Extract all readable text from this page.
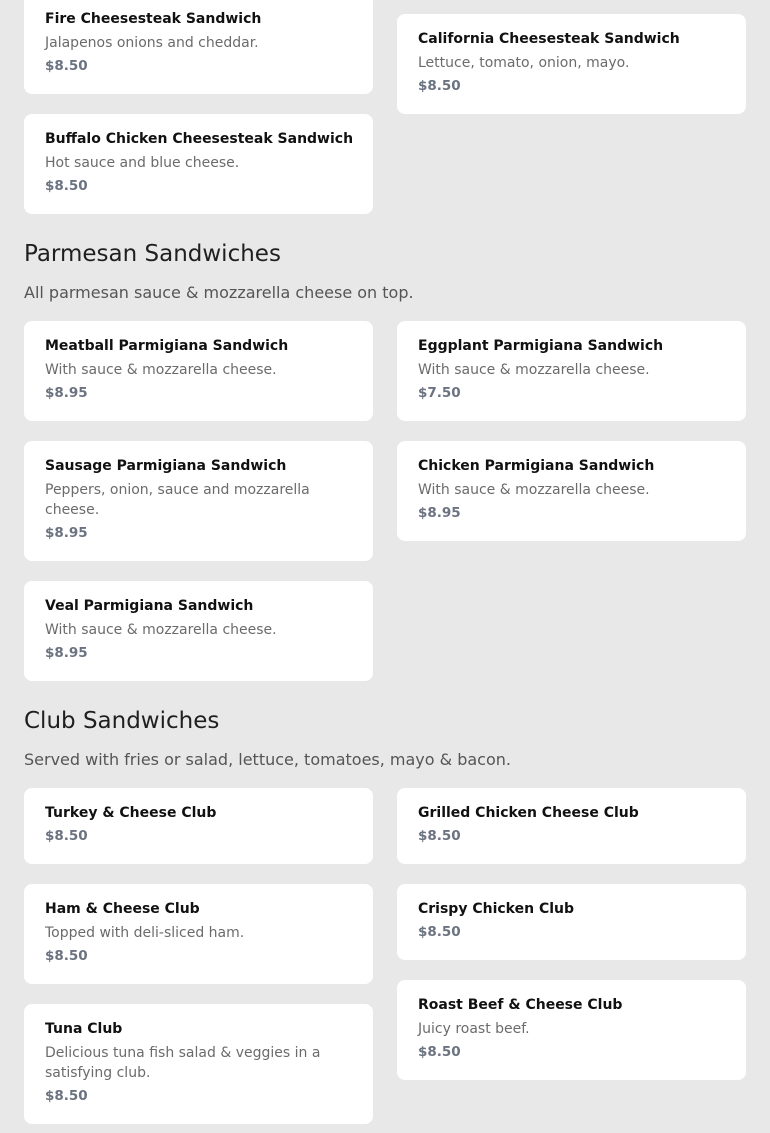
Fire Cheesesteak Sandwich
Jalapenos onions and cheddar.
$8.50
Buffalo Chicken Cheesesteak Sandwich
Hot sauce and blue cheese.
$8.50
California Cheesesteak Sandwich
Lettuce, tomato, onion, mayo.
$8.50
Parmesan Sandwiches

All parmesan sauce & mozzarella cheese on top.

Meatball Parmigiana Sandwich
With sauce & mozzarella cheese.
$8.95
Sausage Parmigiana Sandwich
Peppers, onion, sauce and mozzarella cheese.
$8.95
Veal Parmigiana Sandwich
With sauce & mozzarella cheese.
$8.95
Eggplant Parmigiana Sandwich
With sauce & mozzarella cheese.
$7.50
Chicken Parmigiana Sandwich
With sauce & mozzarella cheese.
$8.95
Club Sandwiches

Served with fries or salad, lettuce, tomatoes, mayo & bacon.

Turkey & Cheese Club
$8.50
Ham & Cheese Club
Topped with deli-sliced ham.
$8.50
Tuna Club
Delicious tuna fish salad & veggies in a satisfying club.
$8.50
Grilled Chicken Cheese Club
$8.50
Crispy Chicken Club
$8.50
Roast Beef & Cheese Club
Juicy roast beef.
$8.50
